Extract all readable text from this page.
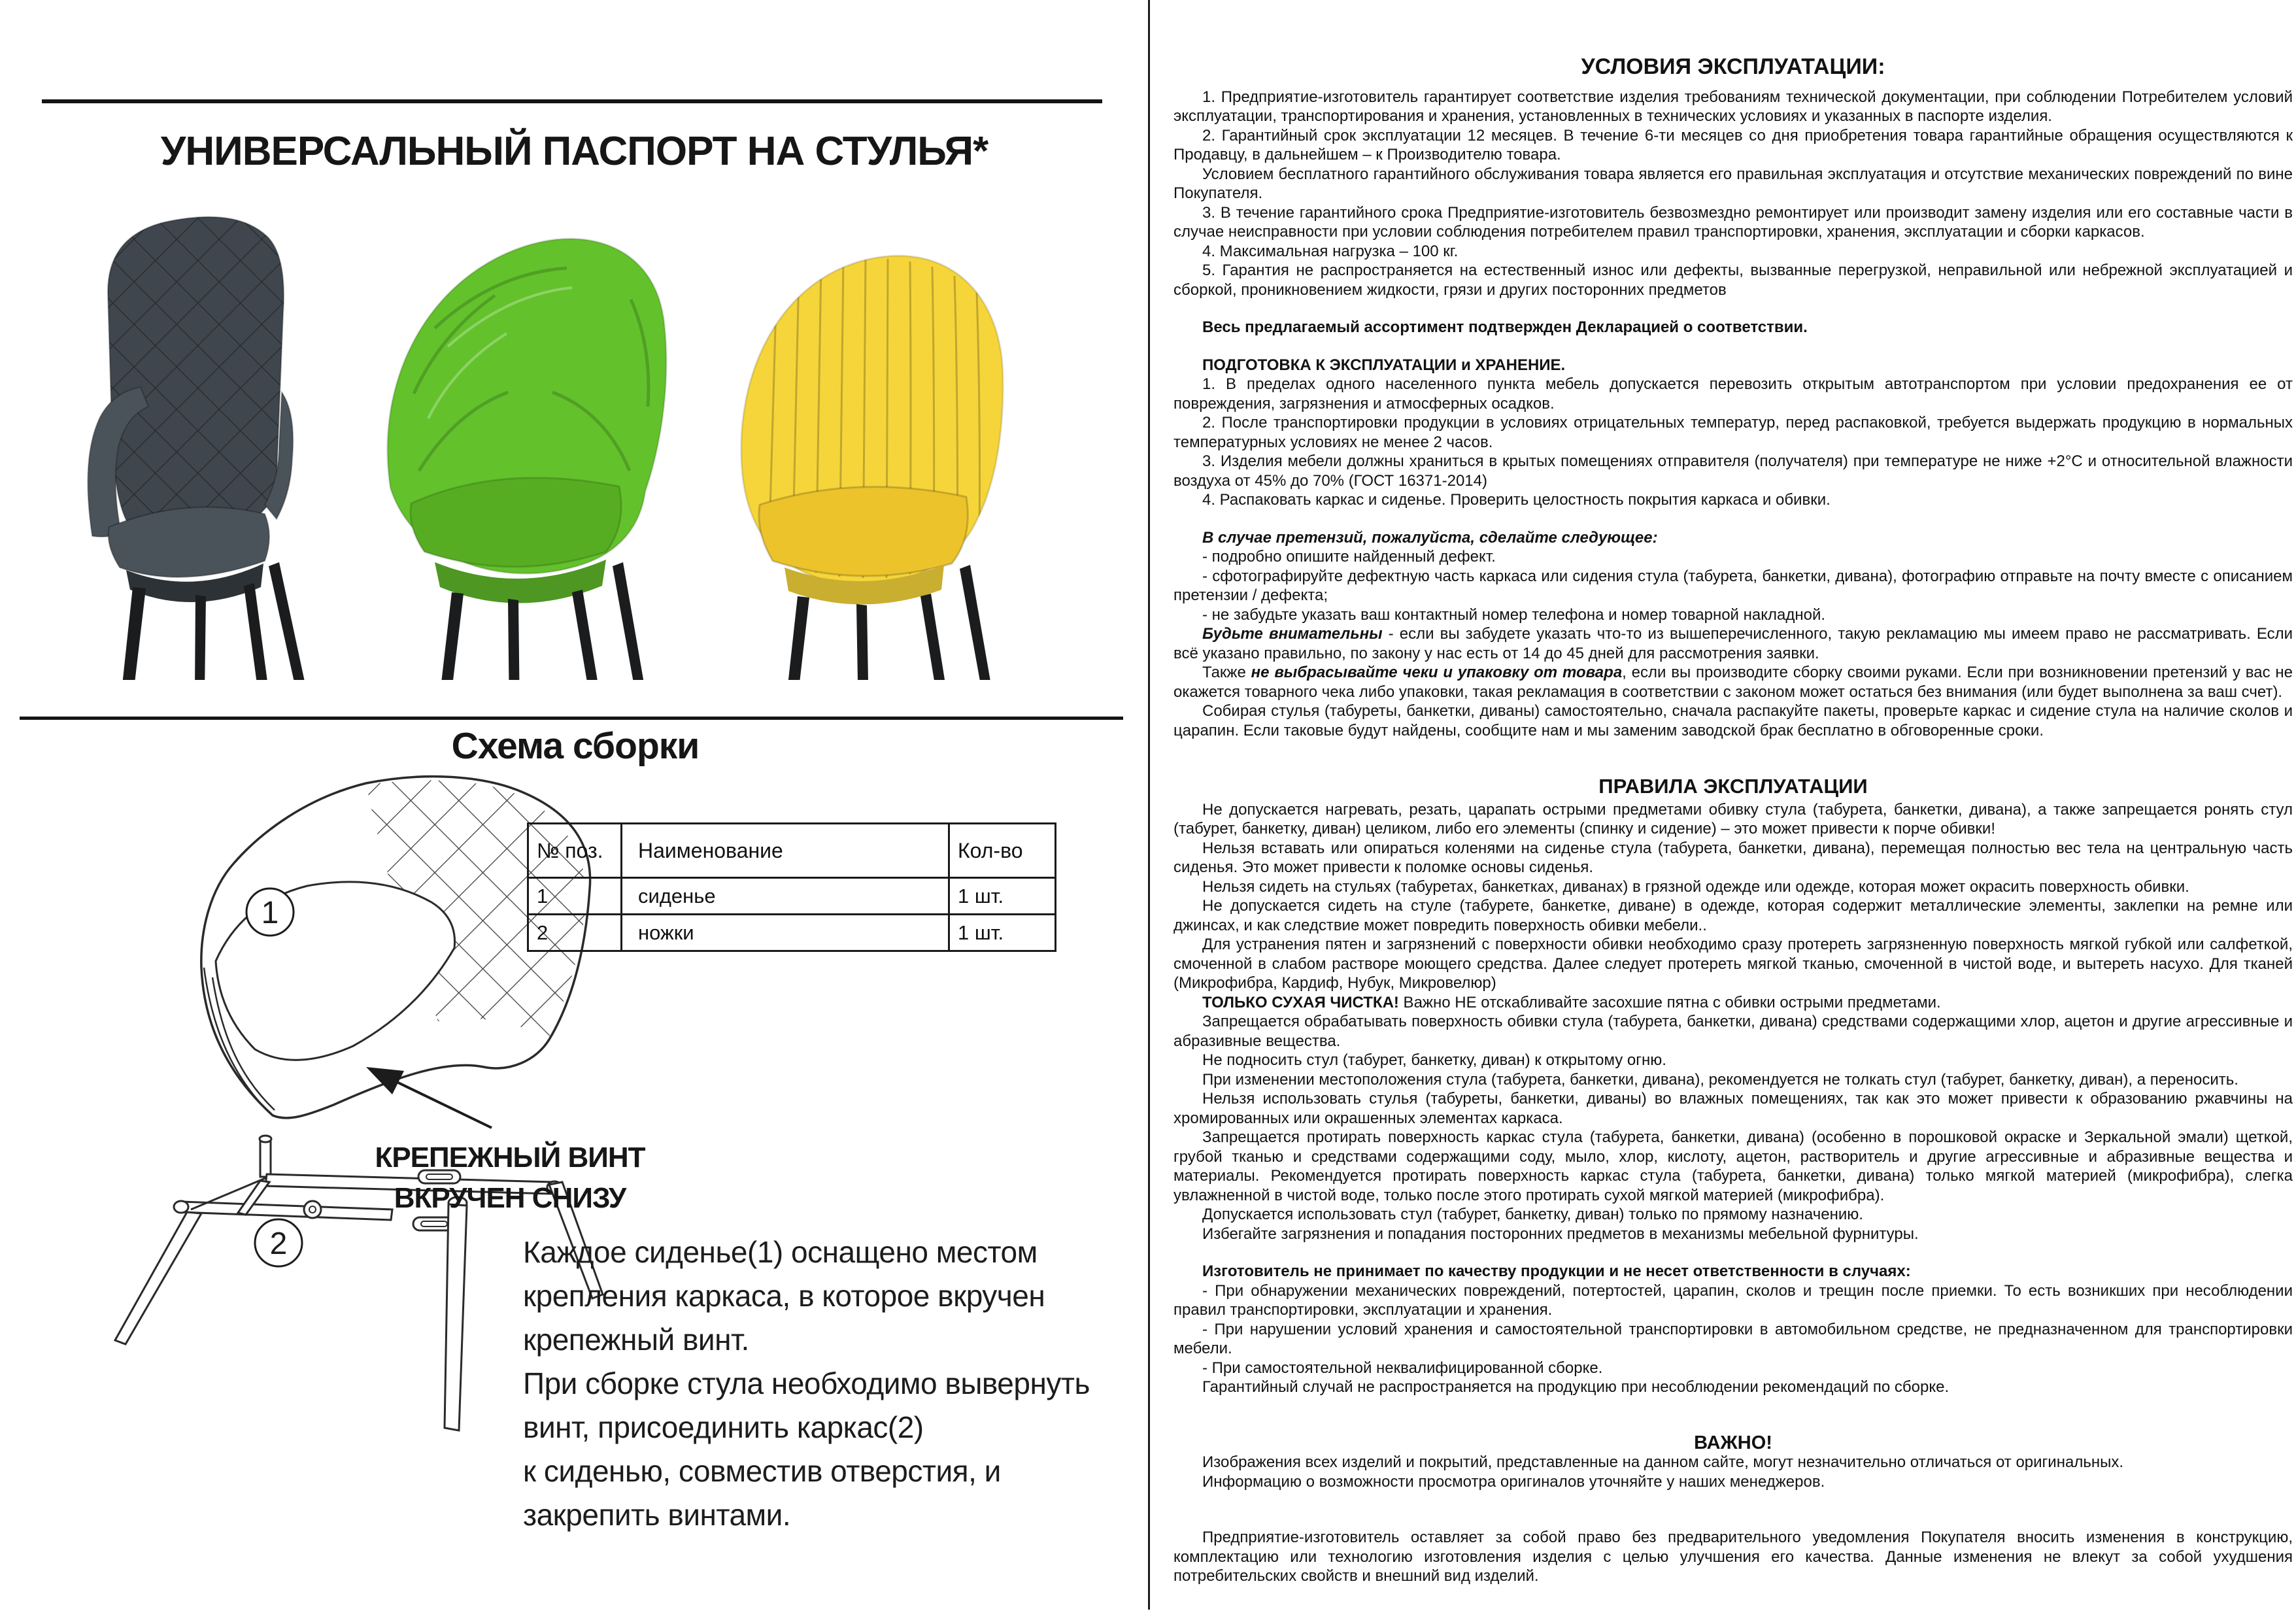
УНИВЕРСАЛЬНЫЙ ПАСПОРТ НА СТУЛЬЯ*
Схема сборки
1
2
№ поз.	Наименование	Кол-во
1	сиденье	1 шт.
2	ножки	1 шт.
КРЕПЕЖНЫЙ ВИНТ
ВКРУЧЕН СНИЗУ
Каждое сиденье(1) оснащено местом
крепления каркаса, в которое вкручен
крепежный винт.
При сборке стула необходимо вывернуть
винт, присоединить каркас(2)
к сиденью, совместив отверстия, и
закрепить винтами.

УСЛОВИЯ ЭКСПЛУАТАЦИИ:

1. Предприятие-изготовитель гарантирует соответствие изделия требованиям технической документации, при соблюдении Потребителем условий эксплуатации, транспортирования и хранения, установленных в технических условиях и указанных в паспорте изделия.

2. Гарантийный срок эксплуатации 12 месяцев. В течение 6-ти месяцев со дня приобретения товара гарантийные обращения осуществляются к Продавцу, в дальнейшем – к Производителю товара.

Условием бесплатного гарантийного обслуживания товара является его правильная эксплуатация и отсутствие механических повреждений по вине Покупателя.

3. В течение гарантийного срока Предприятие-изготовитель безвозмездно ремонтирует или производит замену изделия или его составные части в случае неисправности при условии соблюдения потребителем правил транспортировки, хранения, эксплуатации и сборки каркасов.

4. Максимальная нагрузка – 100 кг.

5. Гарантия не распространяется на естественный износ или дефекты, вызванные перегрузкой, неправильной или небрежной эксплуатацией и сборкой, проникновением жидкости, грязи и других посторонних предметов

Весь предлагаемый ассортимент подтвержден Декларацией о соответствии.

ПОДГОТОВКА К ЭКСПЛУАТАЦИИ и ХРАНЕНИЕ.

1. В пределах одного населенного пункта мебель допускается перевозить открытым автотранспортом при условии предохранения ее от повреждения, загрязнения и атмосферных осадков.

2. После транспортировки продукции в условиях отрицательных температур, перед распаковкой, требуется выдержать продукцию в нормальных температурных условиях не менее 2 часов.

3. Изделия мебели должны храниться в крытых помещениях отправителя (получателя) при температуре не ниже +2°С и относительной влажности воздуха от 45% до 70% (ГОСТ 16371-2014)

4. Распаковать каркас и сиденье. Проверить целостность покрытия каркаса и обивки.

В случае претензий, пожалуйста, сделайте следующее:

- подробно опишите найденный дефект.

- сфотографируйте дефектную часть каркаса или сидения стула (табурета, банкетки, дивана), фотографию отправьте на почту вместе с описанием претензии / дефекта;

- не забудьте указать ваш контактный номер телефона и номер товарной накладной.

Будьте внимательны - если вы забудете указать что-то из вышеперечисленного, такую рекламацию мы имеем право не рассматривать. Если всё указано правильно, по закону у нас есть от 14 до 45 дней для рассмотрения заявки.

Также не выбрасывайте чеки и упаковку от товара, если вы производите сборку своими руками. Если при возникновении претензий у вас не окажется товарного чека либо упаковки, такая рекламация в соответствии с законом может остаться без внимания (или будет выполнена за ваш счет).

Собирая стулья (табуреты, банкетки, диваны) самостоятельно, сначала распакуйте пакеты, проверьте каркас и сидение стула на наличие сколов и царапин. Если таковые будут найдены, сообщите нам и мы заменим заводской брак бесплатно в обговоренные сроки.

ПРАВИЛА ЭКСПЛУАТАЦИИ

Не допускается нагревать, резать, царапать острыми предметами обивку стула (табурета, банкетки, дивана), а также запрещается ронять стул (табурет, банкетку, диван) целиком, либо его элементы (спинку и сидение) – это может привести к порче обивки!

Нельзя вставать или опираться коленями на сиденье стула (табурета, банкетки, дивана), перемещая полностью вес тела на центральную часть сиденья. Это может привести к поломке основы сиденья.

Нельзя сидеть на стульях (табуретах, банкетках, диванах) в грязной одежде или одежде, которая может окрасить поверхность обивки.

Не допускается сидеть на стуле (табурете, банкетке, диване) в одежде, которая содержит металлические элементы, заклепки на ремне или джинсах, и как следствие может повредить поверхность обивки мебели..

Для устранения пятен и загрязнений с поверхности обивки необходимо сразу протереть загрязненную поверхность мягкой губкой или салфеткой, смоченной в слабом растворе моющего средства. Далее следует протереть мягкой тканью, смоченной в чистой воде, и вытереть насухо. Для тканей (Микрофибра, Кардиф, Нубук, Микровелюр)

ТОЛЬКО СУХАЯ ЧИСТКА! Важно НЕ отскабливайте засохшие пятна с обивки острыми предметами.

Запрещается обрабатывать поверхность обивки стула (табурета, банкетки, дивана) средствами содержащими хлор, ацетон и другие агрессивные и абразивные вещества.

Не подносить стул (табурет, банкетку, диван) к открытому огню.

При изменении местоположения стула (табурета, банкетки, дивана), рекомендуется не толкать стул (табурет, банкетку, диван), а переносить.

Нельзя использовать стулья (табуреты, банкетки, диваны) во влажных помещениях, так как это может привести к образованию ржавчины на хромированных или окрашенных элементах каркаса.

Запрещается протирать поверхность каркас стула (табурета, банкетки, дивана) (особенно в порошковой окраске и Зеркальной эмали) щеткой, грубой тканью и средствами содержащими соду, мыло, хлор, кислоту, ацетон, растворитель и другие агрессивные и абразивные вещества и материалы. Рекомендуется протирать поверхность каркас стула (табурета, банкетки, дивана) только мягкой материей (микрофибра), слегка увлажненной в чистой воде, только после этого протирать сухой мягкой материей (микрофибра).

Допускается использовать стул (табурет, банкетку, диван) только по прямому назначению.

Избегайте загрязнения и попадания посторонних предметов в механизмы мебельной фурнитуры.

Изготовитель не принимает по качеству продукции и не несет ответственности в случаях:

- При обнаружении механических повреждений, потертостей, царапин, сколов и трещин после приемки. То есть возникших при несоблюдении правил транспортировки, эксплуатации и хранения.

- При нарушении условий хранения и самостоятельной транспортировки в автомобильном средстве, не предназначенном для транспортировки мебели.

- При самостоятельной неквалифицированной сборке.

Гарантийный случай не распространяется на продукцию при несоблюдении рекомендаций по сборке.

ВАЖНО!

Изображения всех изделий и покрытий, представленные на данном сайте, могут незначительно отличаться от оригинальных.

Информацию о возможности просмотра оригиналов уточняйте у наших менеджеров.

Предприятие-изготовитель оставляет за собой право без предварительного уведомления Покупателя вносить изменения в конструкцию, комплектацию или технологию изготовления изделия с целью улучшения его качества. Данные изменения не влекут за собой ухудшения потребительских свойств и внешний вид изделий.
